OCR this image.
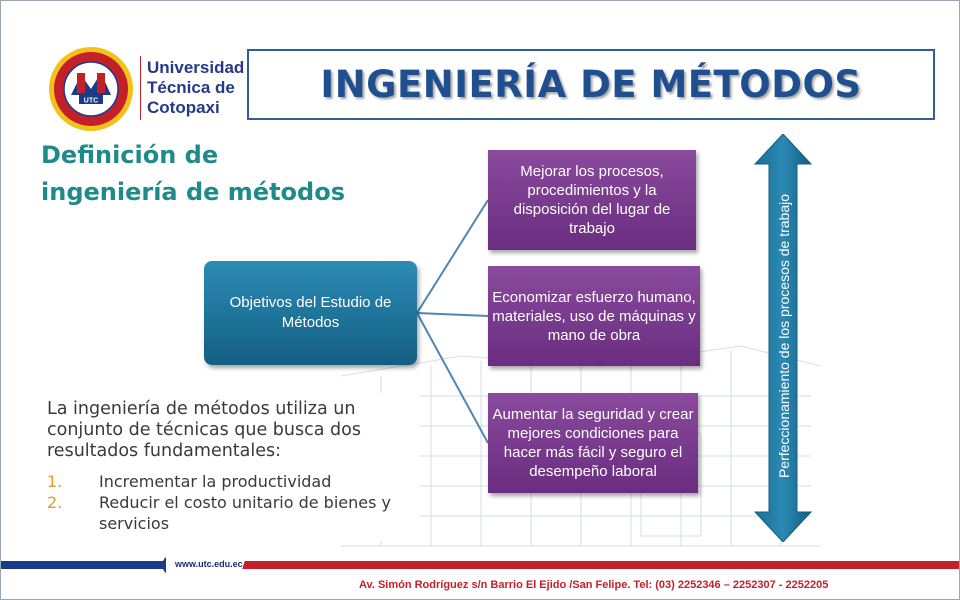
UTC
Universidad
Técnica de
Cotopaxi
INGENIERÍA DE MÉTODOS
Definición de
ingeniería de métodos
Objetivos del Estudio de
Métodos
Mejorar los procesos, procedimientos y la disposición del lugar de trabajo
Economizar esfuerzo humano, materiales, uso de máquinas y mano de obra
Aumentar la seguridad y crear mejores condiciones para hacer más fácil y seguro el desempeño laboral	Perfeccionamiento de los procesos de trabajo
La ingeniería de métodos utiliza un conjunto de técnicas que busca dos resultados fundamentales:
1.	Incrementar la productividad
2.	Reducir el costo unitario de bienes y servicios
www.utc.edu.ec
Av. Simón Rodríguez s/n Barrio El Ejido /San Felipe. Tel: (03) 2252346 – 2252307 - 2252205
